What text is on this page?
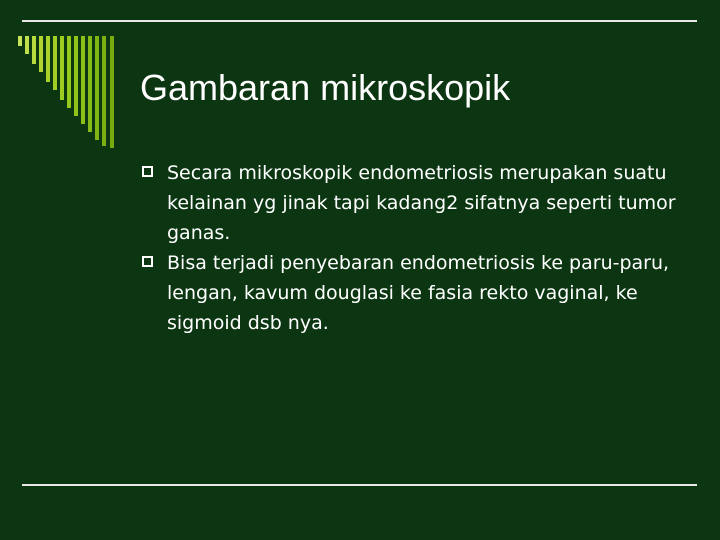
Gambaran mikroskopik
Secara mikroskopik endometriosis merupakan suatu kelainan yg jinak tapi kadang2 sifatnya seperti tumor ganas.
Bisa terjadi penyebaran endometriosis ke paru-paru, lengan, kavum douglasi ke fasia rekto vaginal, ke sigmoid dsb nya.
